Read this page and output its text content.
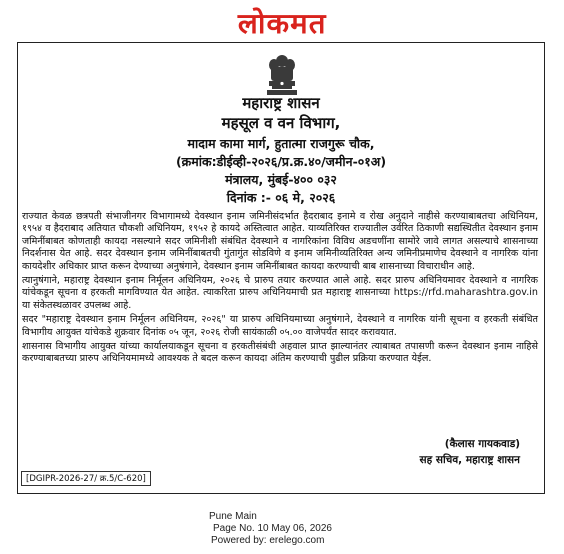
लोकमत
महाराष्ट्र शासन
महसूल व वन विभाग,
मादाम कामा मार्ग, हुतात्मा राजगुरू चौक,
(क्रमांक:डीईव्ही-२०२६/प्र.क्र.४०/जमीन-०१अ)
मंत्रालय, मुंबई-४०० ०३२
दिनांक :- ०६ मे, २०२६

राज्यात केवळ छत्रपती संभाजीनगर विभागामध्ये देवस्थान इनाम जमिनीसंदर्भात हैदराबाद इनामे व रोख अनुदाने नाहीसे करण्याबाबतचा अधिनियम, १९५४ व हैदराबाद अतियात चौकशी अधिनियम, १९५२ हे कायदे अस्तित्वात आहेत. याव्यतिरिक्त राज्यातील उर्वरित ठिकाणी सद्यस्थितीत देवस्थान इनाम जमिनींबाबत कोणताही कायदा नसल्याने सदर जमिनीशी संबंधित देवस्थाने व नागरिकांना विविध अडचणींना सामोरे जावे लागत असल्याचे शासनाच्या निदर्शनास येत आहे. सदर देवस्थान इनाम जमिनींबाबतची गुंतागुंत सोडविणे व इनाम जमिनीव्यतिरिक्त अन्य जमिनीप्रमाणेच देवस्थाने व नागरिक यांना कायदेशीर अधिकार प्राप्त करून देण्याच्या अनुषंगाने, देवस्थान इनाम जमिनींबाबत कायदा करण्याची बाब शासनाच्या विचाराधीन आहे.

त्यानुषंगाने, महाराष्ट्र देवस्थान इनाम निर्मूलन अधिनियम, २०२६ चे प्रारुप तयार करण्यात आले आहे. सदर प्रारुप अधिनियमावर देवस्थाने व नागरिक यांचेकडून सूचना व हरकती मागविण्यात येत आहेत. त्याकरिता प्रारुप अधिनियमाची प्रत महाराष्ट्र शासनाच्या https://rfd.maharashtra.gov.in या संकेतस्थळावर उपलब्ध आहे.

सदर "महाराष्ट्र देवस्थान इनाम निर्मूलन अधिनियम, २०२६" या प्रारुप अधिनियमाच्या अनुषंगाने, देवस्थाने व नागरिक यांनी सूचना व हरकती संबंधित विभागीय आयुक्त यांचेकडे शुक्रवार दिनांक ०५ जून, २०२६ रोजी सायंकाळी ०५.०० वाजेपर्यंत सादर करावयात.

शासनास विभागीय आयुक्त यांच्या कार्यालयाकडून सूचना व हरकतीसंबंधी अहवाल प्राप्त झाल्यानंतर त्याबाबत तपासणी करून देवस्थान इनाम नाहिसे करण्याबाबतच्या प्रारुप अधिनियमामध्ये आवश्यक ते बदल करून कायदा अंतिम करण्याची पुढील प्रक्रिया करण्यात येईल.

(कैलास गायकवाड)
सह सचिव, महाराष्ट्र शासन
[DGIPR-2026-27/ क्र.5/C-620]
Pune Main
Page No. 10 May 06, 2026
Powered by: erelego.com
